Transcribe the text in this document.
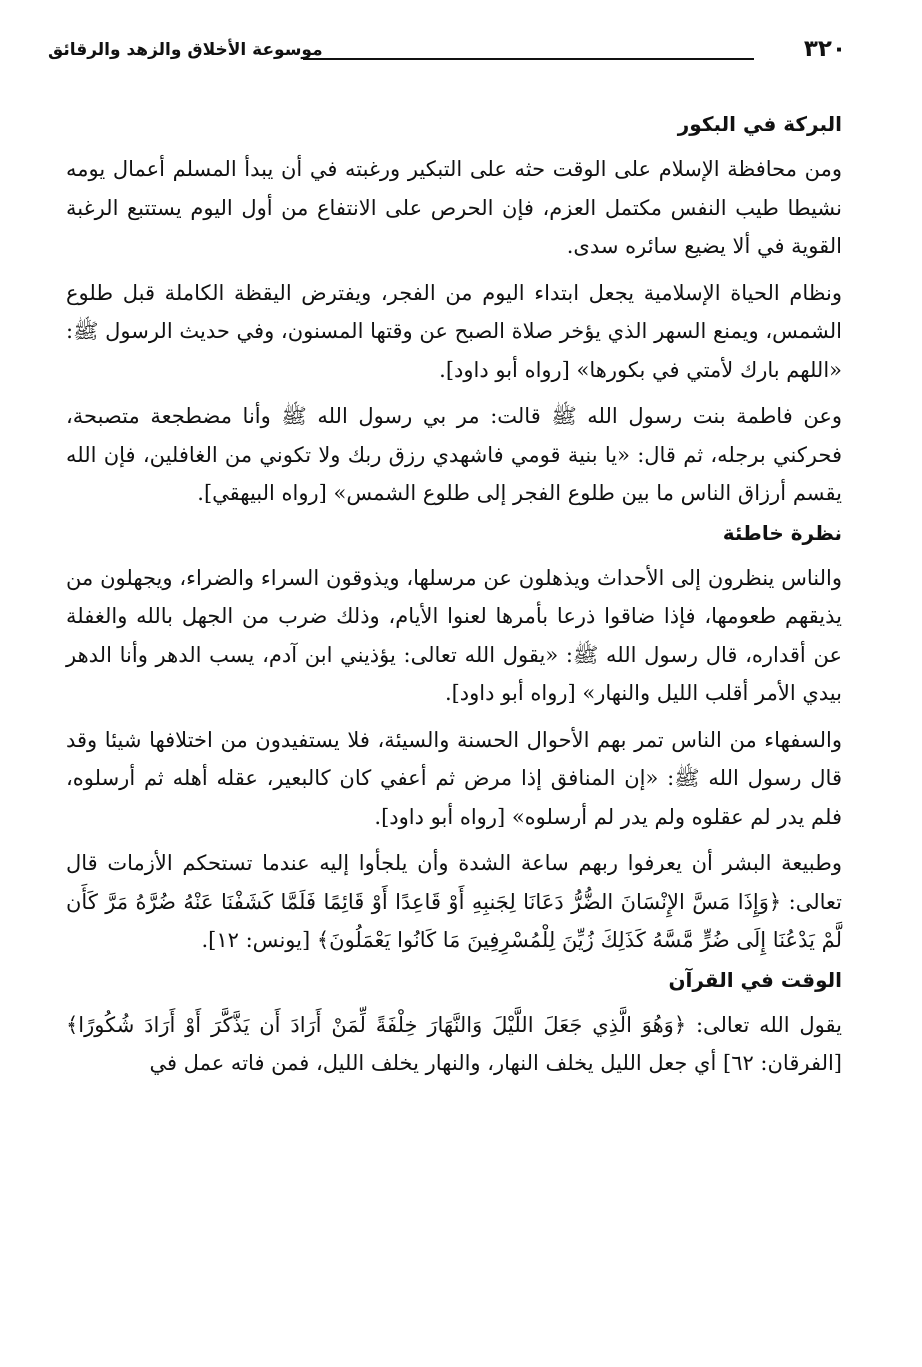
٣٢٠
موسوعة الأخلاق والزهد والرقائق
البركة في البكور

ومن محافظة الإسلام على الوقت حثه على التبكير ورغبته في أن يبدأ المسلم أعمال يومه نشيطا طيب النفس مكتمل العزم، فإن الحرص على الانتفاع من أول اليوم يستتبع الرغبة القوية في ألا يضيع سائره سدى.

ونظام الحياة الإسلامية يجعل ابتداء اليوم من الفجر، ويفترض اليقظة الكاملة قبل طلوع الشمس، ويمنع السهر الذي يؤخر صلاة الصبح عن وقتها المسنون، وفي حديث الرسول ﷺ: «اللهم بارك لأمتي في بكورها» [رواه أبو داود].

وعن فاطمة بنت رسول الله ﷺ قالت: مر بي رسول الله ﷺ وأنا مضطجعة متصبحة، فحركني برجله، ثم قال: «يا بنية قومي فاشهدي رزق ربك ولا تكوني من الغافلين، فإن الله يقسم أرزاق الناس ما بين طلوع الفجر إلى طلوع الشمس» [رواه البيهقي].

نظرة خاطئة

والناس ينظرون إلى الأحداث ويذهلون عن مرسلها، ويذوقون السراء والضراء، ويجهلون من يذيقهم طعومها، فإذا ضاقوا ذرعا بأمرها لعنوا الأيام، وذلك ضرب من الجهل بالله والغفلة عن أقداره، قال رسول الله ﷺ: «يقول الله تعالى: يؤذيني ابن آدم، يسب الدهر وأنا الدهر بيدي الأمر أقلب الليل والنهار» [رواه أبو داود].

والسفهاء من الناس تمر بهم الأحوال الحسنة والسيئة، فلا يستفيدون من اختلافها شيئا وقد قال رسول الله ﷺ: «إن المنافق إذا مرض ثم أعفي كان كالبعير، عقله أهله ثم أرسلوه، فلم يدر لم عقلوه ولم يدر لم أرسلوه» [رواه أبو داود].

وطبيعة البشر أن يعرفوا ربهم ساعة الشدة وأن يلجأوا إليه عندما تستحكم الأزمات قال تعالى: ﴿وَإِذَا مَسَّ الإِنْسَانَ الضُّرُّ دَعَانَا لِجَنبِهِ أَوْ قَاعِدًا أَوْ قَائِمًا فَلَمَّا كَشَفْنَا عَنْهُ ضُرَّهُ مَرَّ كَأَن لَّمْ يَدْعُنَا إِلَى ضُرٍّ مَّسَّهُ كَذَلِكَ زُيِّنَ لِلْمُسْرِفِينَ مَا كَانُوا يَعْمَلُونَ﴾ [يونس: ١٢].

الوقت في القرآن

يقول الله تعالى: ﴿وَهُوَ الَّذِي جَعَلَ اللَّيْلَ وَالنَّهَارَ خِلْفَةً لِّمَنْ أَرَادَ أَن يَذَّكَّرَ أَوْ أَرَادَ شُكُورًا﴾ [الفرقان: ٦٢] أي جعل الليل يخلف النهار، والنهار يخلف الليل، فمن فاته عمل في
